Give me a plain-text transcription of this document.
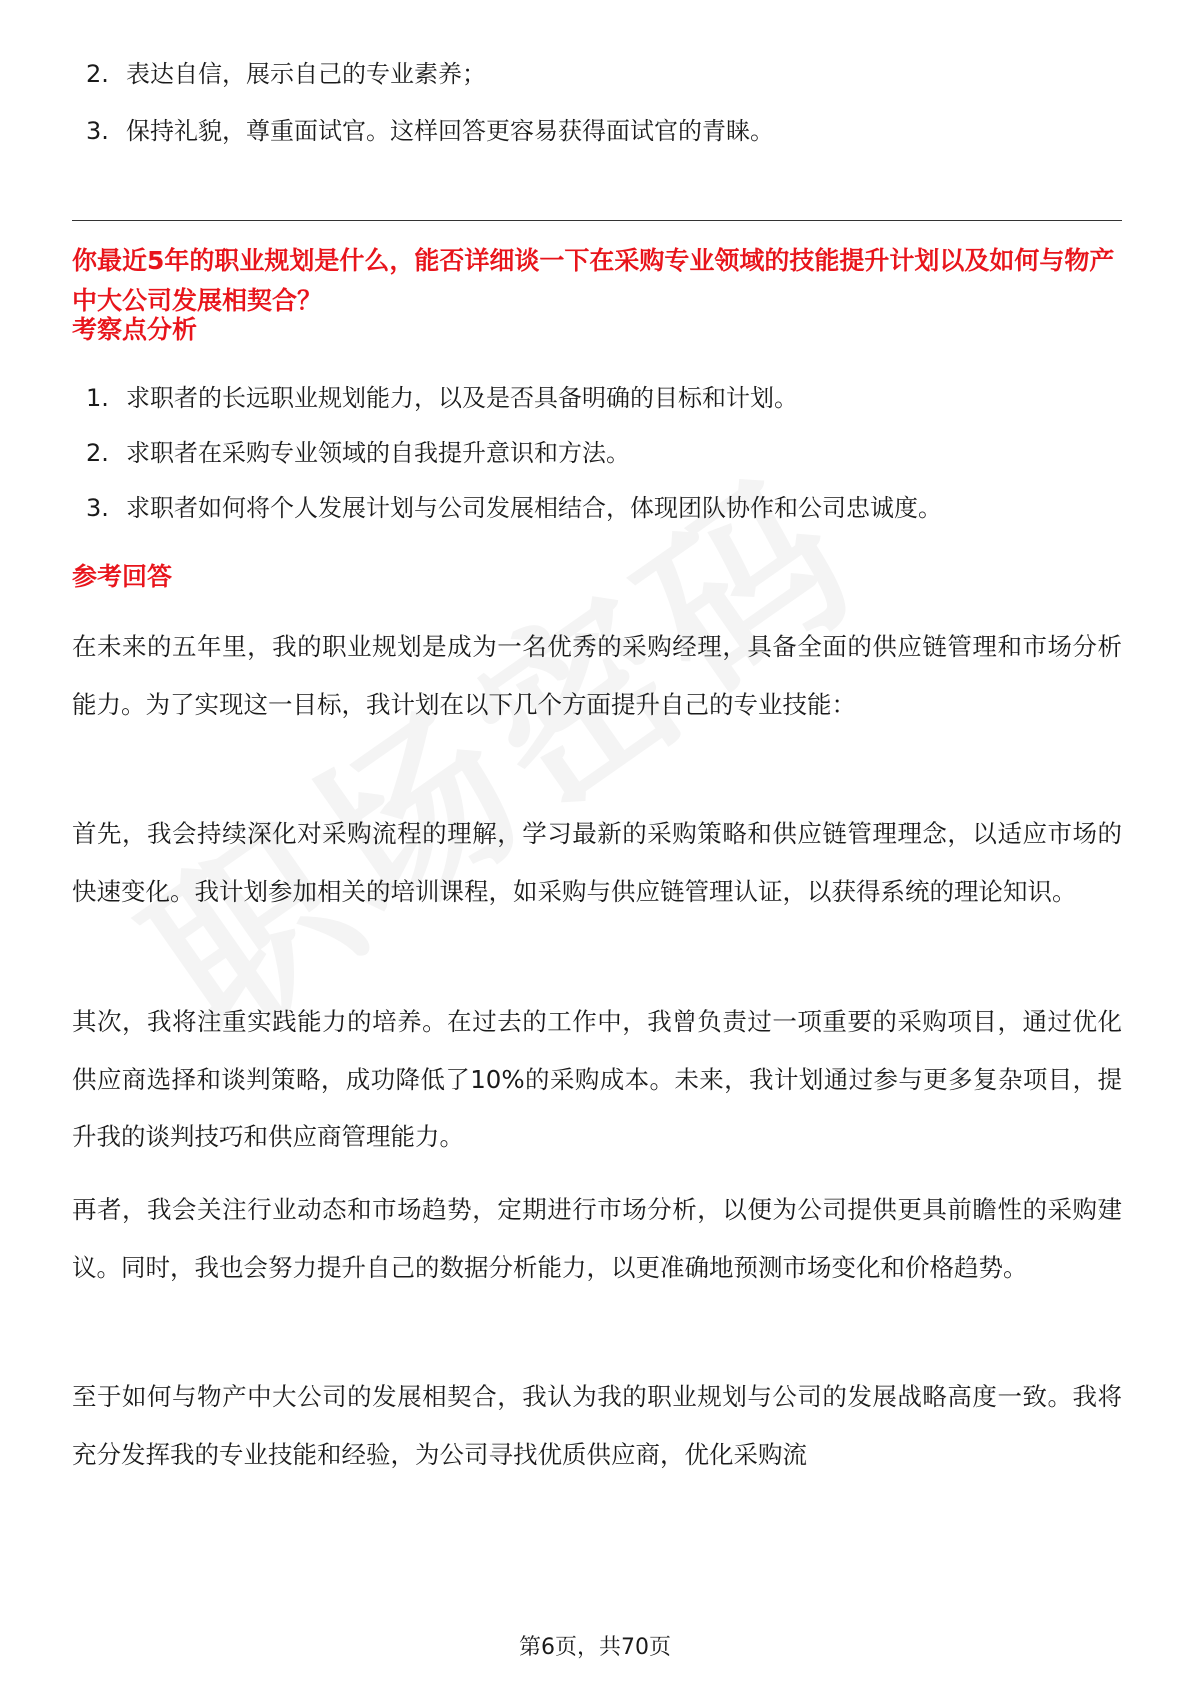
2. 表达自信，展示自己的专业素养；
3. 保持礼貌，尊重面试官。这样回答更容易获得面试官的青睐。
你最近5年的职业规划是什么，能否详细谈一下在采购专业领域的技能提升计划以及如何与物产中大公司发展相契合？
考察点分析
1. 求职者的长远职业规划能力，以及是否具备明确的目标和计划。
2. 求职者在采购专业领域的自我提升意识和方法。
3. 求职者如何将个人发展计划与公司发展相结合，体现团队协作和公司忠诚度。
参考回答
在未来的五年里，我的职业规划是成为一名优秀的采购经理，具备全面的供应链管理和市场分析能力。为了实现这一目标，我计划在以下几个方面提升自己的专业技能：
首先，我会持续深化对采购流程的理解，学习最新的采购策略和供应链管理理念，以适应市场的快速变化。我计划参加相关的培训课程，如采购与供应链管理认证，以获得系统的理论知识。
其次，我将注重实践能力的培养。在过去的工作中，我曾负责过一项重要的采购项目，通过优化供应商选择和谈判策略，成功降低了10%的采购成本。未来，我计划通过参与更多复杂项目，提升我的谈判技巧和供应商管理能力。
再者，我会关注行业动态和市场趋势，定期进行市场分析，以便为公司提供更具前瞻性的采购建议。同时，我也会努力提升自己的数据分析能力，以更准确地预测市场变化和价格趋势。
至于如何与物产中大公司的发展相契合，我认为我的职业规划与公司的发展战略高度一致。我将充分发挥我的专业技能和经验，为公司寻找优质供应商，优化采购流
第6页，共70页
